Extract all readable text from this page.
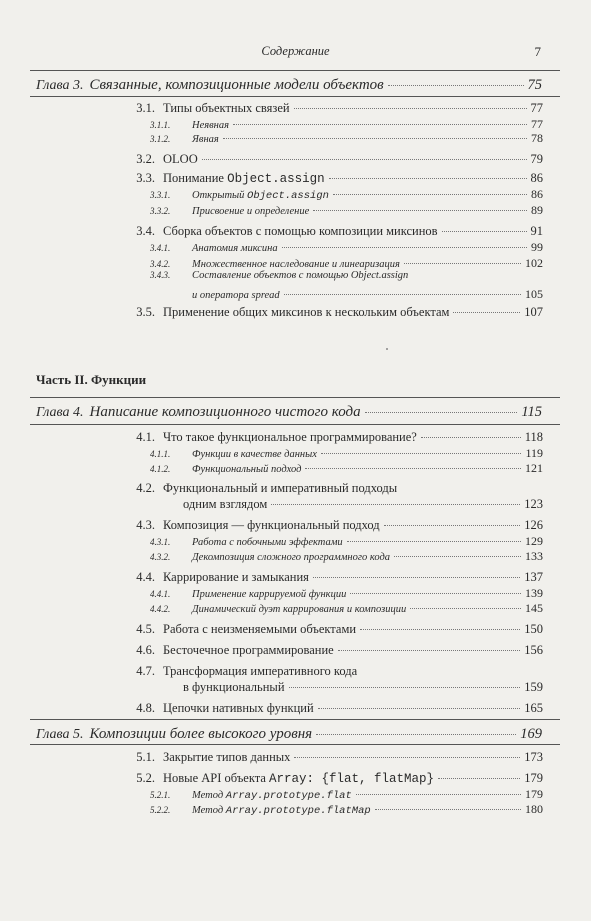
Содержание	7
Глава 3. Связанные, композиционные модели объектов	75
3.1. Типы объектных связей	77
3.1.1.	Неявная	77
3.1.2.	Явная	78
3.2. OLOO	79
3.3. Понимание Object.assign	86
3.3.1.	Открытый Object.assign	86
3.3.2.	Присвоение и определение	89
3.4. Сборка объектов с помощью композиции миксинов	91
3.4.1.	Анатомия миксина	99
3.4.2.	Множественное наследование и линеаризация	102
3.4.3.	Составление объектов с помощью Object.assign
и оператора spread	105
3.5. Применение общих миксинов к нескольким объектам	107
Часть II. Функции
Глава 4. Написание композиционного чистого кода	115
4.1. Что такое функциональное программирование?	118
4.1.1.	Функции в качестве данных	119
4.1.2.	Функциональный подход	121
4.2. Функциональный и императивный подходы
одним взглядом	123
4.3. Композиция — функциональный подход	126
4.3.1.	Работа с побочными эффектами	129
4.3.2.	Декомпозиция сложного программного кода	133
4.4. Каррирование и замыкания	137
4.4.1.	Применение каррируемой функции	139
4.4.2.	Динамический дуэт каррирования и композиции	145
4.5. Работа с неизменяемыми объектами	150
4.6. Бесточечное программирование	156
4.7. Трансформация императивного кода
в функциональный	159
4.8. Цепочки нативных функций	165
Глава 5. Композиции более высокого уровня	169
5.1. Закрытие типов данных	173
5.2. Новые API объекта Array: {flat, flatMap}	179
5.2.1.	Метод Array.prototype.flat	179
5.2.2.	Метод Array.prototype.flatMap	180
